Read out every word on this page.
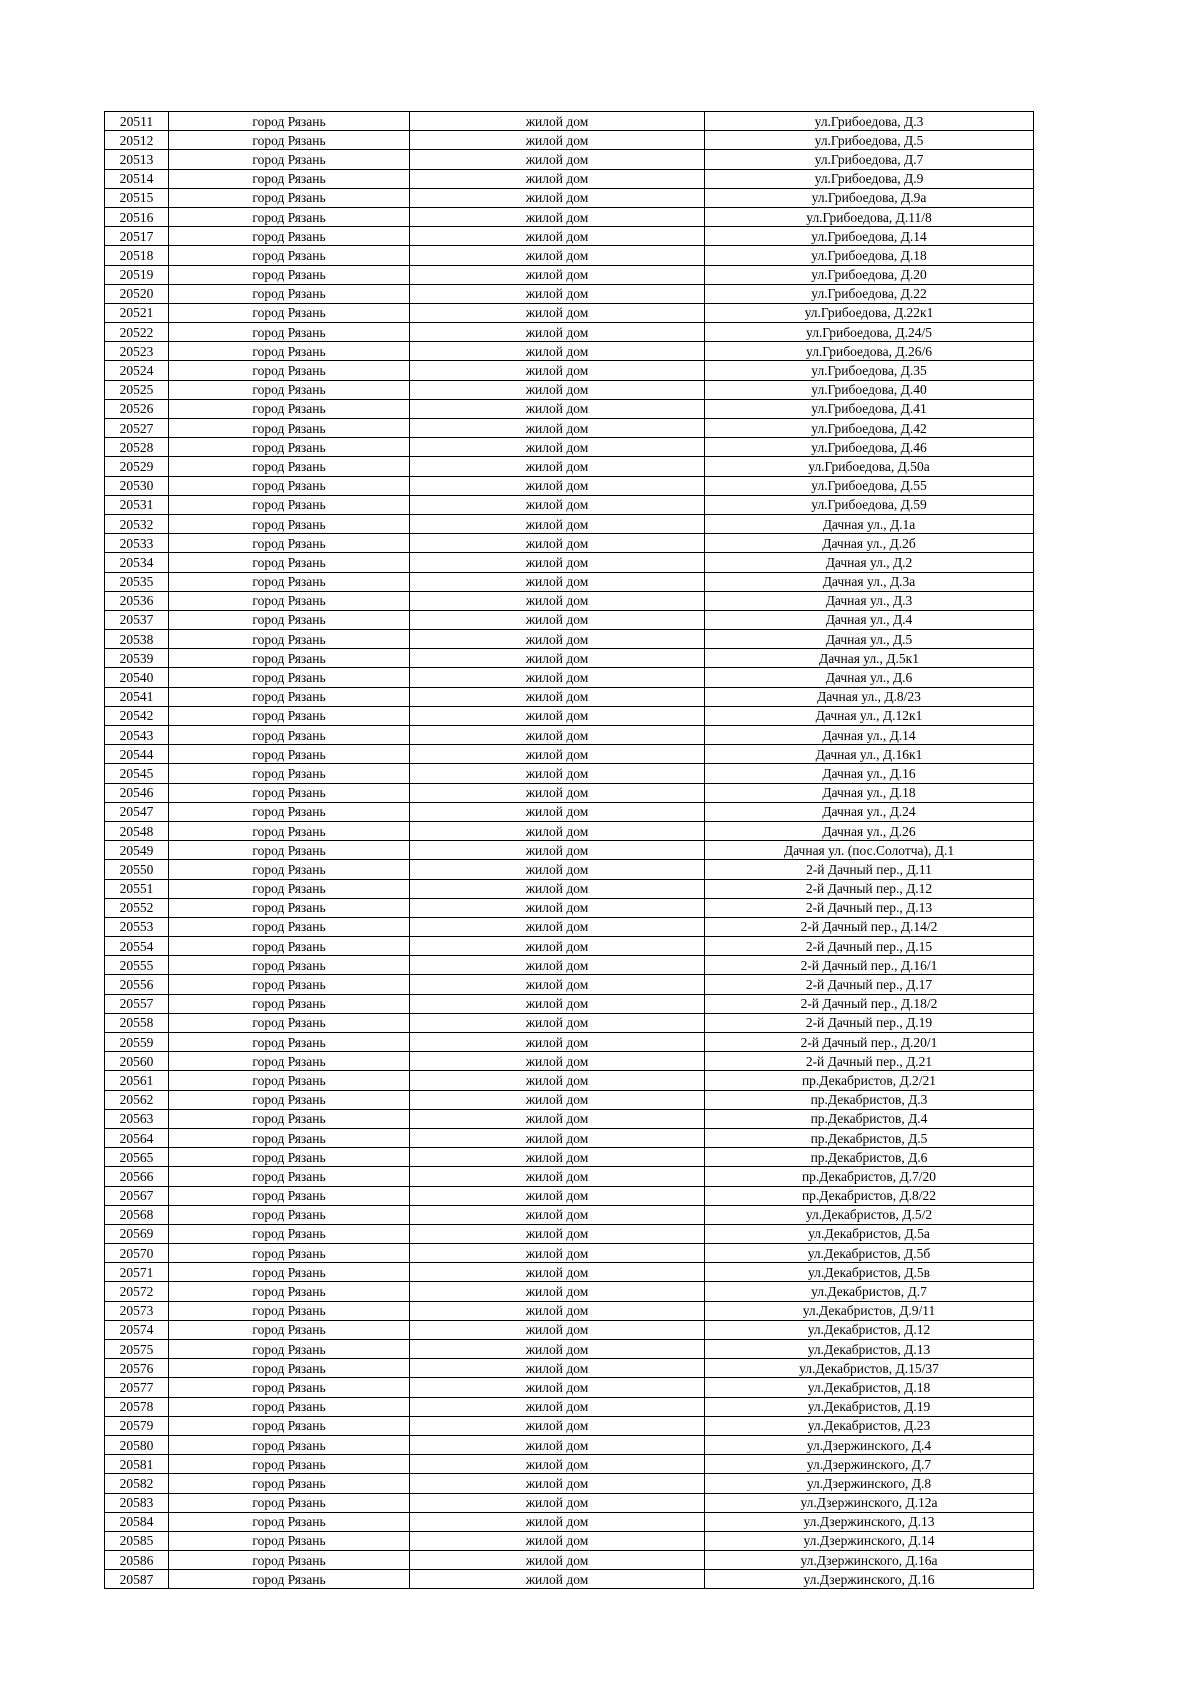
20511	город Рязань	жилой дом	ул.Грибоедова, Д.3
20512	город Рязань	жилой дом	ул.Грибоедова, Д.5
20513	город Рязань	жилой дом	ул.Грибоедова, Д.7
20514	город Рязань	жилой дом	ул.Грибоедова, Д.9
20515	город Рязань	жилой дом	ул.Грибоедова, Д.9а
20516	город Рязань	жилой дом	ул.Грибоедова, Д.11/8
20517	город Рязань	жилой дом	ул.Грибоедова, Д.14
20518	город Рязань	жилой дом	ул.Грибоедова, Д.18
20519	город Рязань	жилой дом	ул.Грибоедова, Д.20
20520	город Рязань	жилой дом	ул.Грибоедова, Д.22
20521	город Рязань	жилой дом	ул.Грибоедова, Д.22к1
20522	город Рязань	жилой дом	ул.Грибоедова, Д.24/5
20523	город Рязань	жилой дом	ул.Грибоедова, Д.26/6
20524	город Рязань	жилой дом	ул.Грибоедова, Д.35
20525	город Рязань	жилой дом	ул.Грибоедова, Д.40
20526	город Рязань	жилой дом	ул.Грибоедова, Д.41
20527	город Рязань	жилой дом	ул.Грибоедова, Д.42
20528	город Рязань	жилой дом	ул.Грибоедова, Д.46
20529	город Рязань	жилой дом	ул.Грибоедова, Д.50а
20530	город Рязань	жилой дом	ул.Грибоедова, Д.55
20531	город Рязань	жилой дом	ул.Грибоедова, Д.59
20532	город Рязань	жилой дом	Дачная ул., Д.1а
20533	город Рязань	жилой дом	Дачная ул., Д.2б
20534	город Рязань	жилой дом	Дачная ул., Д.2
20535	город Рязань	жилой дом	Дачная ул., Д.3а
20536	город Рязань	жилой дом	Дачная ул., Д.3
20537	город Рязань	жилой дом	Дачная ул., Д.4
20538	город Рязань	жилой дом	Дачная ул., Д.5
20539	город Рязань	жилой дом	Дачная ул., Д.5к1
20540	город Рязань	жилой дом	Дачная ул., Д.6
20541	город Рязань	жилой дом	Дачная ул., Д.8/23
20542	город Рязань	жилой дом	Дачная ул., Д.12к1
20543	город Рязань	жилой дом	Дачная ул., Д.14
20544	город Рязань	жилой дом	Дачная ул., Д.16к1
20545	город Рязань	жилой дом	Дачная ул., Д.16
20546	город Рязань	жилой дом	Дачная ул., Д.18
20547	город Рязань	жилой дом	Дачная ул., Д.24
20548	город Рязань	жилой дом	Дачная ул., Д.26
20549	город Рязань	жилой дом	Дачная ул. (пос.Солотча), Д.1
20550	город Рязань	жилой дом	2-й Дачный пер., Д.11
20551	город Рязань	жилой дом	2-й Дачный пер., Д.12
20552	город Рязань	жилой дом	2-й Дачный пер., Д.13
20553	город Рязань	жилой дом	2-й Дачный пер., Д.14/2
20554	город Рязань	жилой дом	2-й Дачный пер., Д.15
20555	город Рязань	жилой дом	2-й Дачный пер., Д.16/1
20556	город Рязань	жилой дом	2-й Дачный пер., Д.17
20557	город Рязань	жилой дом	2-й Дачный пер., Д.18/2
20558	город Рязань	жилой дом	2-й Дачный пер., Д.19
20559	город Рязань	жилой дом	2-й Дачный пер., Д.20/1
20560	город Рязань	жилой дом	2-й Дачный пер., Д.21
20561	город Рязань	жилой дом	пр.Декабристов, Д.2/21
20562	город Рязань	жилой дом	пр.Декабристов, Д.3
20563	город Рязань	жилой дом	пр.Декабристов, Д.4
20564	город Рязань	жилой дом	пр.Декабристов, Д.5
20565	город Рязань	жилой дом	пр.Декабристов, Д.6
20566	город Рязань	жилой дом	пр.Декабристов, Д.7/20
20567	город Рязань	жилой дом	пр.Декабристов, Д.8/22
20568	город Рязань	жилой дом	ул.Декабристов, Д.5/2
20569	город Рязань	жилой дом	ул.Декабристов, Д.5а
20570	город Рязань	жилой дом	ул.Декабристов, Д.5б
20571	город Рязань	жилой дом	ул.Декабристов, Д.5в
20572	город Рязань	жилой дом	ул.Декабристов, Д.7
20573	город Рязань	жилой дом	ул.Декабристов, Д.9/11
20574	город Рязань	жилой дом	ул.Декабристов, Д.12
20575	город Рязань	жилой дом	ул.Декабристов, Д.13
20576	город Рязань	жилой дом	ул.Декабристов, Д.15/37
20577	город Рязань	жилой дом	ул.Декабристов, Д.18
20578	город Рязань	жилой дом	ул.Декабристов, Д.19
20579	город Рязань	жилой дом	ул.Декабристов, Д.23
20580	город Рязань	жилой дом	ул.Дзержинского, Д.4
20581	город Рязань	жилой дом	ул.Дзержинского, Д.7
20582	город Рязань	жилой дом	ул.Дзержинского, Д.8
20583	город Рязань	жилой дом	ул.Дзержинского, Д.12а
20584	город Рязань	жилой дом	ул.Дзержинского, Д.13
20585	город Рязань	жилой дом	ул.Дзержинского, Д.14
20586	город Рязань	жилой дом	ул.Дзержинского, Д.16а
20587	город Рязань	жилой дом	ул.Дзержинского, Д.16
